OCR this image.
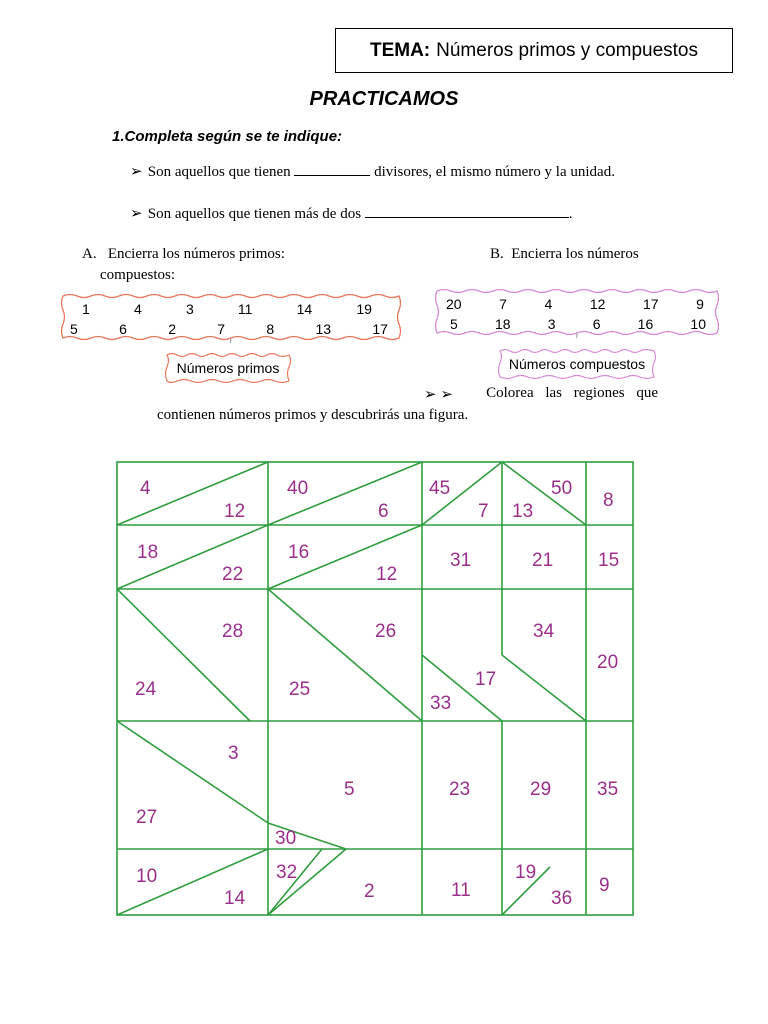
TEMA: Números primos y compuestos
PRACTICAMOS
1.Completa según se te indique:
➢ Son aquellos que tienen	divisores, el mismo número y la unidad.
➢ Son aquellos que tienen más de dos	.
A. Encierra los números primos:	B. Encierra los números
compuestos:
1	4	3	11	14	19
5	6	2	7	8	13	17
Números primos
20	7	4	12	17	9
5	18	3	6	16	10
Números compuestos
➢ ➢ Colorea las regiones que
contienen números primos y descubrirás una figura.
4
12
40
6
45
7
50
13
8
18
22
16
12
31	21 15
28
24
26
25
34
17
33
20
3
27
5
30
23	29 35
10
14
32
2	11
19
36
9
